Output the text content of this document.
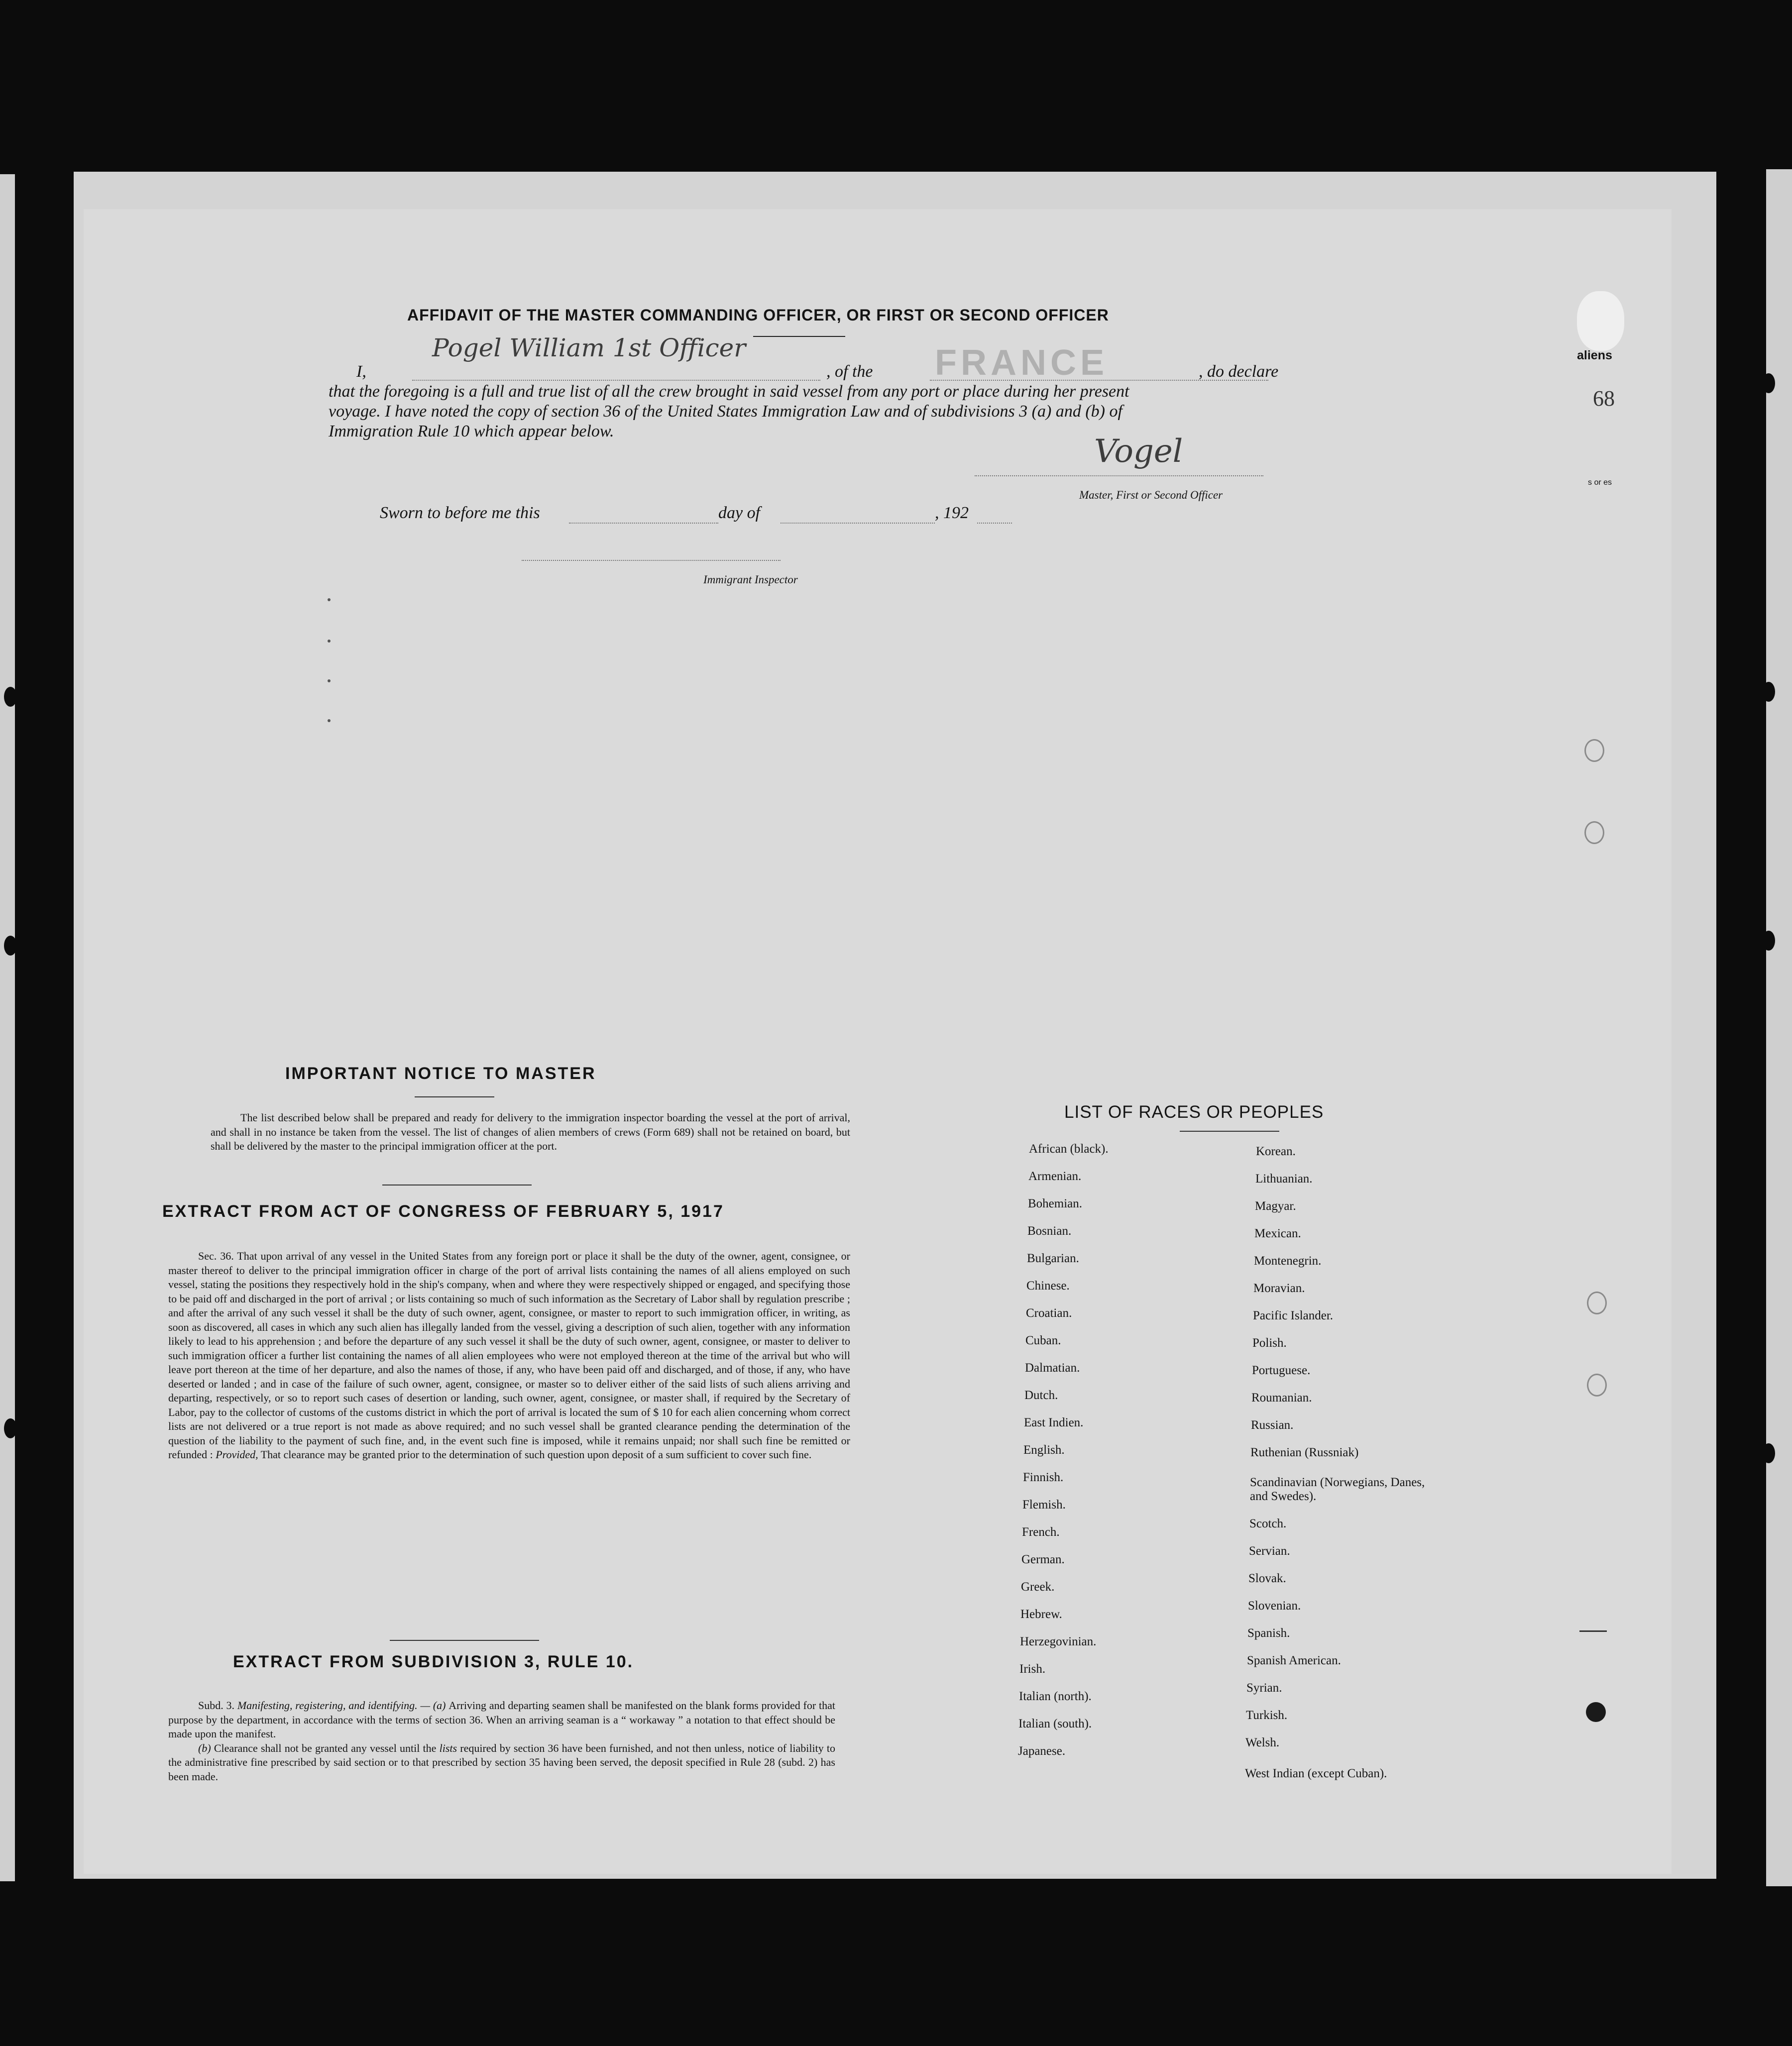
AFFIDAVIT OF THE MASTER COMMANDING OFFICER, OR FIRST OR SECOND OFFICER
I,
Pogel William 1st Officer
, of the FRANCE	, do declare
that the foregoing is a full and true list of all the crew brought in said vessel from any port or place during her present
voyage. I have noted the copy of section 36 of the United States Immigration Law and of subdivisions 3 (a) and (b) of
Immigration Rule 10 which appear below.
Vogel
Master, First or Second Officer
Sworn to before me this	day of	, 192
Immigrant Inspector
IMPORTANT NOTICE TO MASTER

The list described below shall be prepared and ready for delivery to the immigration inspector boarding the vessel at the port of arrival, and shall in no instance be taken from the vessel. The list of changes of alien members of crews (Form 689) shall not be retained on board, but shall be delivered by the master to the principal immigration officer at the port.

EXTRACT FROM ACT OF CONGRESS OF FEBRUARY 5, 1917

Sec. 36. That upon arrival of any vessel in the United States from any foreign port or place it shall be the duty of the owner, agent, consignee, or master thereof to deliver to the principal immigration officer in charge of the port of arrival lists containing the names of all aliens employed on such vessel, stating the positions they respectively hold in the ship's company, when and where they were respectively shipped or engaged, and specifying those to be paid off and discharged in the port of arrival ; or lists containing so much of such information as the Secretary of Labor shall by regulation prescribe ; and after the arrival of any such vessel it shall be the duty of such owner, agent, consignee, or master to report to such immigration officer, in writing, as soon as discovered, all cases in which any such alien has illegally landed from the vessel, giving a description of such alien, together with any information likely to lead to his apprehension ; and before the departure of any such vessel it shall be the duty of such owner, agent, consignee, or master to deliver to such immigration officer a further list containing the names of all alien employees who were not employed thereon at the time of the arrival but who will leave port thereon at the time of her departure, and also the names of those, if any, who have been paid off and discharged, and of those, if any, who have deserted or landed ; and in case of the failure of such owner, agent, consignee, or master so to deliver either of the said lists of such aliens arriving and departing, respectively, or so to report such cases of desertion or landing, such owner, agent, consignee, or master shall, if required by the Secretary of Labor, pay to the collector of customs of the customs district in which the port of arrival is located the sum of $ 10 for each alien concerning whom correct lists are not delivered or a true report is not made as above required; and no such vessel shall be granted clearance pending the determination of the question of the liability to the payment of such fine, and, in the event such fine is imposed, while it remains unpaid; nor shall such fine be remitted or refunded : Provided, That clearance may be granted prior to the determination of such question upon deposit of a sum sufficient to cover such fine.

EXTRACT FROM SUBDIVISION 3, RULE 10.

Subd. 3. Manifesting, registering, and identifying. — (a) Arriving and departing seamen shall be manifested on the blank forms provided for that purpose by the department, in accordance with the terms of section 36. When an arriving seaman is a “ workaway ” a notation to that effect should be made upon the manifest.

(b) Clearance shall not be granted any vessel until the lists required by section 36 have been furnished, and not then unless, notice of liability to the administrative fine prescribed by said section or to that prescribed by section 35 having been served, the deposit specified in Rule 28 (subd. 2) has been made.

LIST OF RACES OR PEOPLES
African (black).
Armenian.
Bohemian.
Bosnian.
Bulgarian.
Chinese.
Croatian.
Cuban.
Dalmatian.
Dutch.
East Indien.
English.
Finnish.
Flemish.
French.
German.
Greek.
Hebrew.
Herzegovinian.
Irish.
Italian (north).
Italian (south).
Japanese.
Korean.
Lithuanian.
Magyar.
Mexican.
Montenegrin.
Moravian.
Pacific Islander.
Polish.
Portuguese.
Roumanian.
Russian.
Ruthenian (Russniak)
Scandinavian (Norwegians, Danes, and Swedes).
Scotch.
Servian.
Slovak.
Slovenian.
Spanish.
Spanish American.
Syrian.
Turkish.
Welsh.
West Indian (except Cuban).
aliens
68
s or es
